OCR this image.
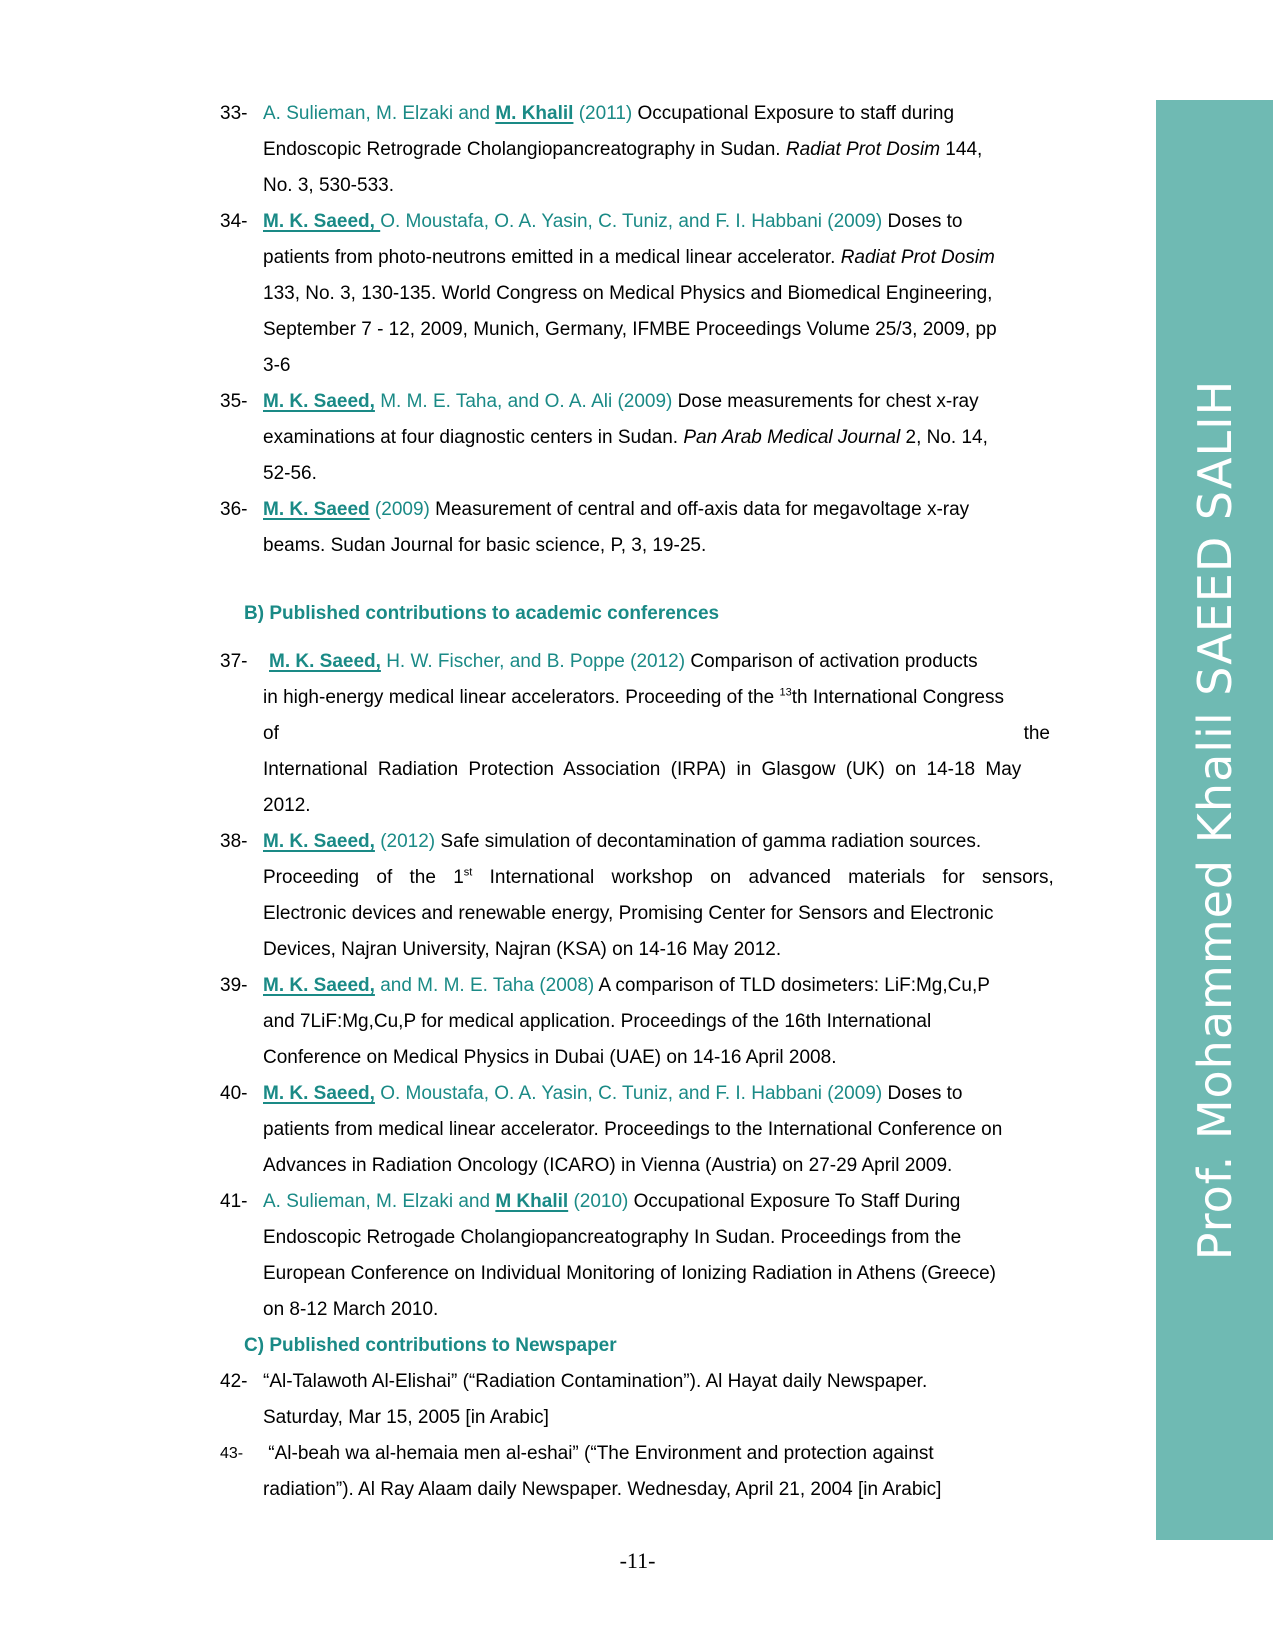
Prof. Mohammed Khalil SAEED SALIH
33- A. Sulieman, M. Elzaki and M. Khalil (2011) Occupational Exposure to staff during
Endoscopic Retrograde Cholangiopancreatography in Sudan. Radiat Prot Dosim 144,
No. 3, 530-533.
34- M. K. Saeed, O. Moustafa, O. A. Yasin, C. Tuniz, and F. I. Habbani (2009) Doses to
patients from photo-neutrons emitted in a medical linear accelerator. Radiat Prot Dosim
133, No. 3, 130-135. World Congress on Medical Physics and Biomedical Engineering,
September 7 - 12, 2009, Munich, Germany, IFMBE Proceedings Volume 25/3, 2009, pp
3-6
35- M. K. Saeed, M. M. E. Taha, and O. A. Ali (2009) Dose measurements for chest x-ray
examinations at four diagnostic centers in Sudan. Pan Arab Medical Journal 2, No. 14,
52-56.
36- M. K. Saeed (2009) Measurement of central and off-axis data for megavoltage x-ray
beams. Sudan Journal for basic science, P, 3, 19-25.
B) Published contributions to academic conferences
37-	M. K. Saeed, H. W. Fischer, and B. Poppe (2012) Comparison of activation products
in high-energy medical linear accelerators. Proceeding of the $^{13}$th International Congress
of	the
International Radiation Protection Association (IRPA) in Glasgow (UK) on 14-18 May
2012.
38- M. K. Saeed, (2012) Safe simulation of decontamination of gamma radiation sources.
Proceeding of the 1st International workshop on advanced materials for sensors,
Electronic devices and renewable energy, Promising Center for Sensors and Electronic
Devices, Najran University, Najran (KSA) on 14-16 May 2012.
39- M. K. Saeed, and M. M. E. Taha (2008) A comparison of TLD dosimeters: LiF:Mg,Cu,P
and 7LiF:Mg,Cu,P for medical application. Proceedings of the 16th International
Conference on Medical Physics in Dubai (UAE) on 14-16 April 2008.
40- M. K. Saeed, O. Moustafa, O. A. Yasin, C. Tuniz, and F. I. Habbani (2009) Doses to
patients from medical linear accelerator. Proceedings to the International Conference on
Advances in Radiation Oncology (ICARO) in Vienna (Austria) on 27-29 April 2009.
41- A. Sulieman, M. Elzaki and M Khalil (2010) Occupational Exposure To Staff During
Endoscopic Retrogade Cholangiopancreatography In Sudan. Proceedings from the
European Conference on Individual Monitoring of Ionizing Radiation in Athens (Greece)
on 8-12 March 2010.
C) Published contributions to Newspaper
42- “Al-Talawoth Al-Elishai” (“Radiation Contamination”). Al Hayat daily Newspaper.
Saturday, Mar 15, 2005 [in Arabic]
43- “Al-beah wa al-hemaia men al-eshai” (“The Environment and protection against
radiation”). Al Ray Alaam daily Newspaper. Wednesday, April 21, 2004 [in Arabic]
-11-
